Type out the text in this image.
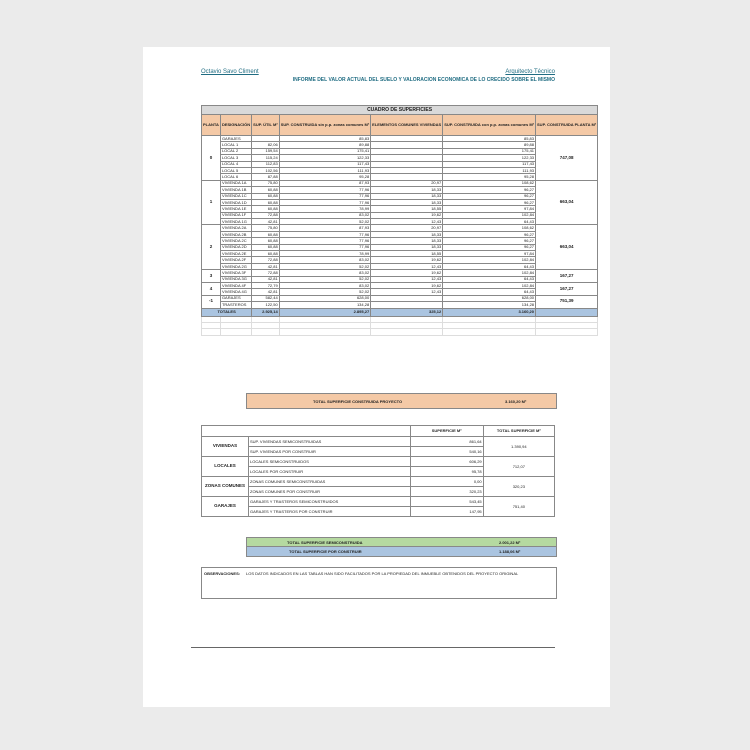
Octavio Savo Climent	Arquitecto Técnico
INFORME DEL VALOR ACTUAL DEL SUELO Y VALORACION ECONOMICA DE LO CRECIDO SOBRE EL MISMO
CUADRO DE SUPERFICIES						
PLANTA	DESIGNACIÓN	SUP. ÚTIL M²	SUP. CONSTRUIDA sin p.p. zonas comunes M²	ELEMENTOS COMUNES VIVIENDAS	SUP. CONSTRUIDA con p.p. zonas comunes M²	SUP. CONSTRUIDA PLANTA M²
0	GARAJES		85,83		85,83	747,08
	LOCAL 1	82,06	89,88		89,88	
	LOCAL 2	159,54	175,41		175,41	
	LOCAL 3	115,24	122,33		122,33	
	LOCAL 4	112,83	117,43		117,43	
	LOCAL 5	102,56	111,93		111,93	
	LOCAL 6	87,88	95,28		95,28	
1	VIVIENDA 1A	75,80	87,93	20,97	108,62	663,04
	VIVIENDA 1B	60,88	77,96	18,33	96,27	
	VIVIENDA 1C	60,88	77,96	18,33	96,27	
	VIVIENDA 1D	60,88	77,96	18,33	96,27	
	VIVIENDA 1E	60,88	78,99	18,55	97,84	
	VIVIENDA 1F	72,88	83,02	19,62	102,84	
	VIVIENDA 1G	42,81	52,02	12,43	64,43	
2	VIVIENDA 2A	75,80	87,93	20,97	108,62	663,04
	VIVIENDA 2B	60,88	77,96	18,33	96,27	
	VIVIENDA 2C	60,88	77,96	18,33	96,27	
	VIVIENDA 2D	60,88	77,96	18,33	96,27	
	VIVIENDA 2E	60,88	78,99	18,55	97,84	
	VIVIENDA 2F	72,88	83,02	19,62	102,84	
	VIVIENDA 2G	42,81	52,02	12,43	64,43	
3	VIVIENDA 3F	72,88	83,02	19,62	102,84	167,27
	VIVIENDA 3G	42,81	52,02	12,43	64,43	
4	VIVIENDA 4F	72,79	83,02	19,62	102,84	167,27
	VIVIENDA 4G	42,81	52,02	12,43	64,43	
-1	GARAJES	582,44	628,00		628,00	751,39
	TRASTEROS	122,50	134,28		134,28	
TOTALES		2.925,14	2.895,27	325,12	3.160,20	

TOTAL SUPERFICIE CONSTRUIDA PROYECTO	3.160,20 M²
		SUPERFICIE M²	TOTAL SUPERFICIE M²
VIVIENDAS	SUP. VIVIENDAS SEMICONSTRUIDAS	861,64	1.390,94
	SUP. VIVIENDAS POR CONSTRUIR	540,16	
LOCALES	LOCALES SEMICONSTRUIDOS	606,29	712,07
	LOCALES POR CONSTRUIR	95,78	
ZONAS COMUNES	ZONAS COMUNES SEMICONSTRUIDAS	0,00	320,23
	ZONAS COMUNES POR CONSTRUIR	320,23	
GARAJES	GARAJES Y TRASTEROS SEMICONSTRUIDOS	543,45	751,40
	GARAJES Y TRASTEROS POR CONSTRUIR	147,95	
TOTAL SUPERFICIE SEMICONSTRUIDA	2.001,22 M²
TOTAL SUPERFICIE POR CONSTRUIR	1.188,06 M²
OBSERVACIONES: LOS DATOS INDICADOS EN LAS TABLAS HAN SIDO FACILITADOS POR LA PROPIEDAD DEL INMUEBLE OBTENIDOS DEL PROYECTO ORIGINAL
